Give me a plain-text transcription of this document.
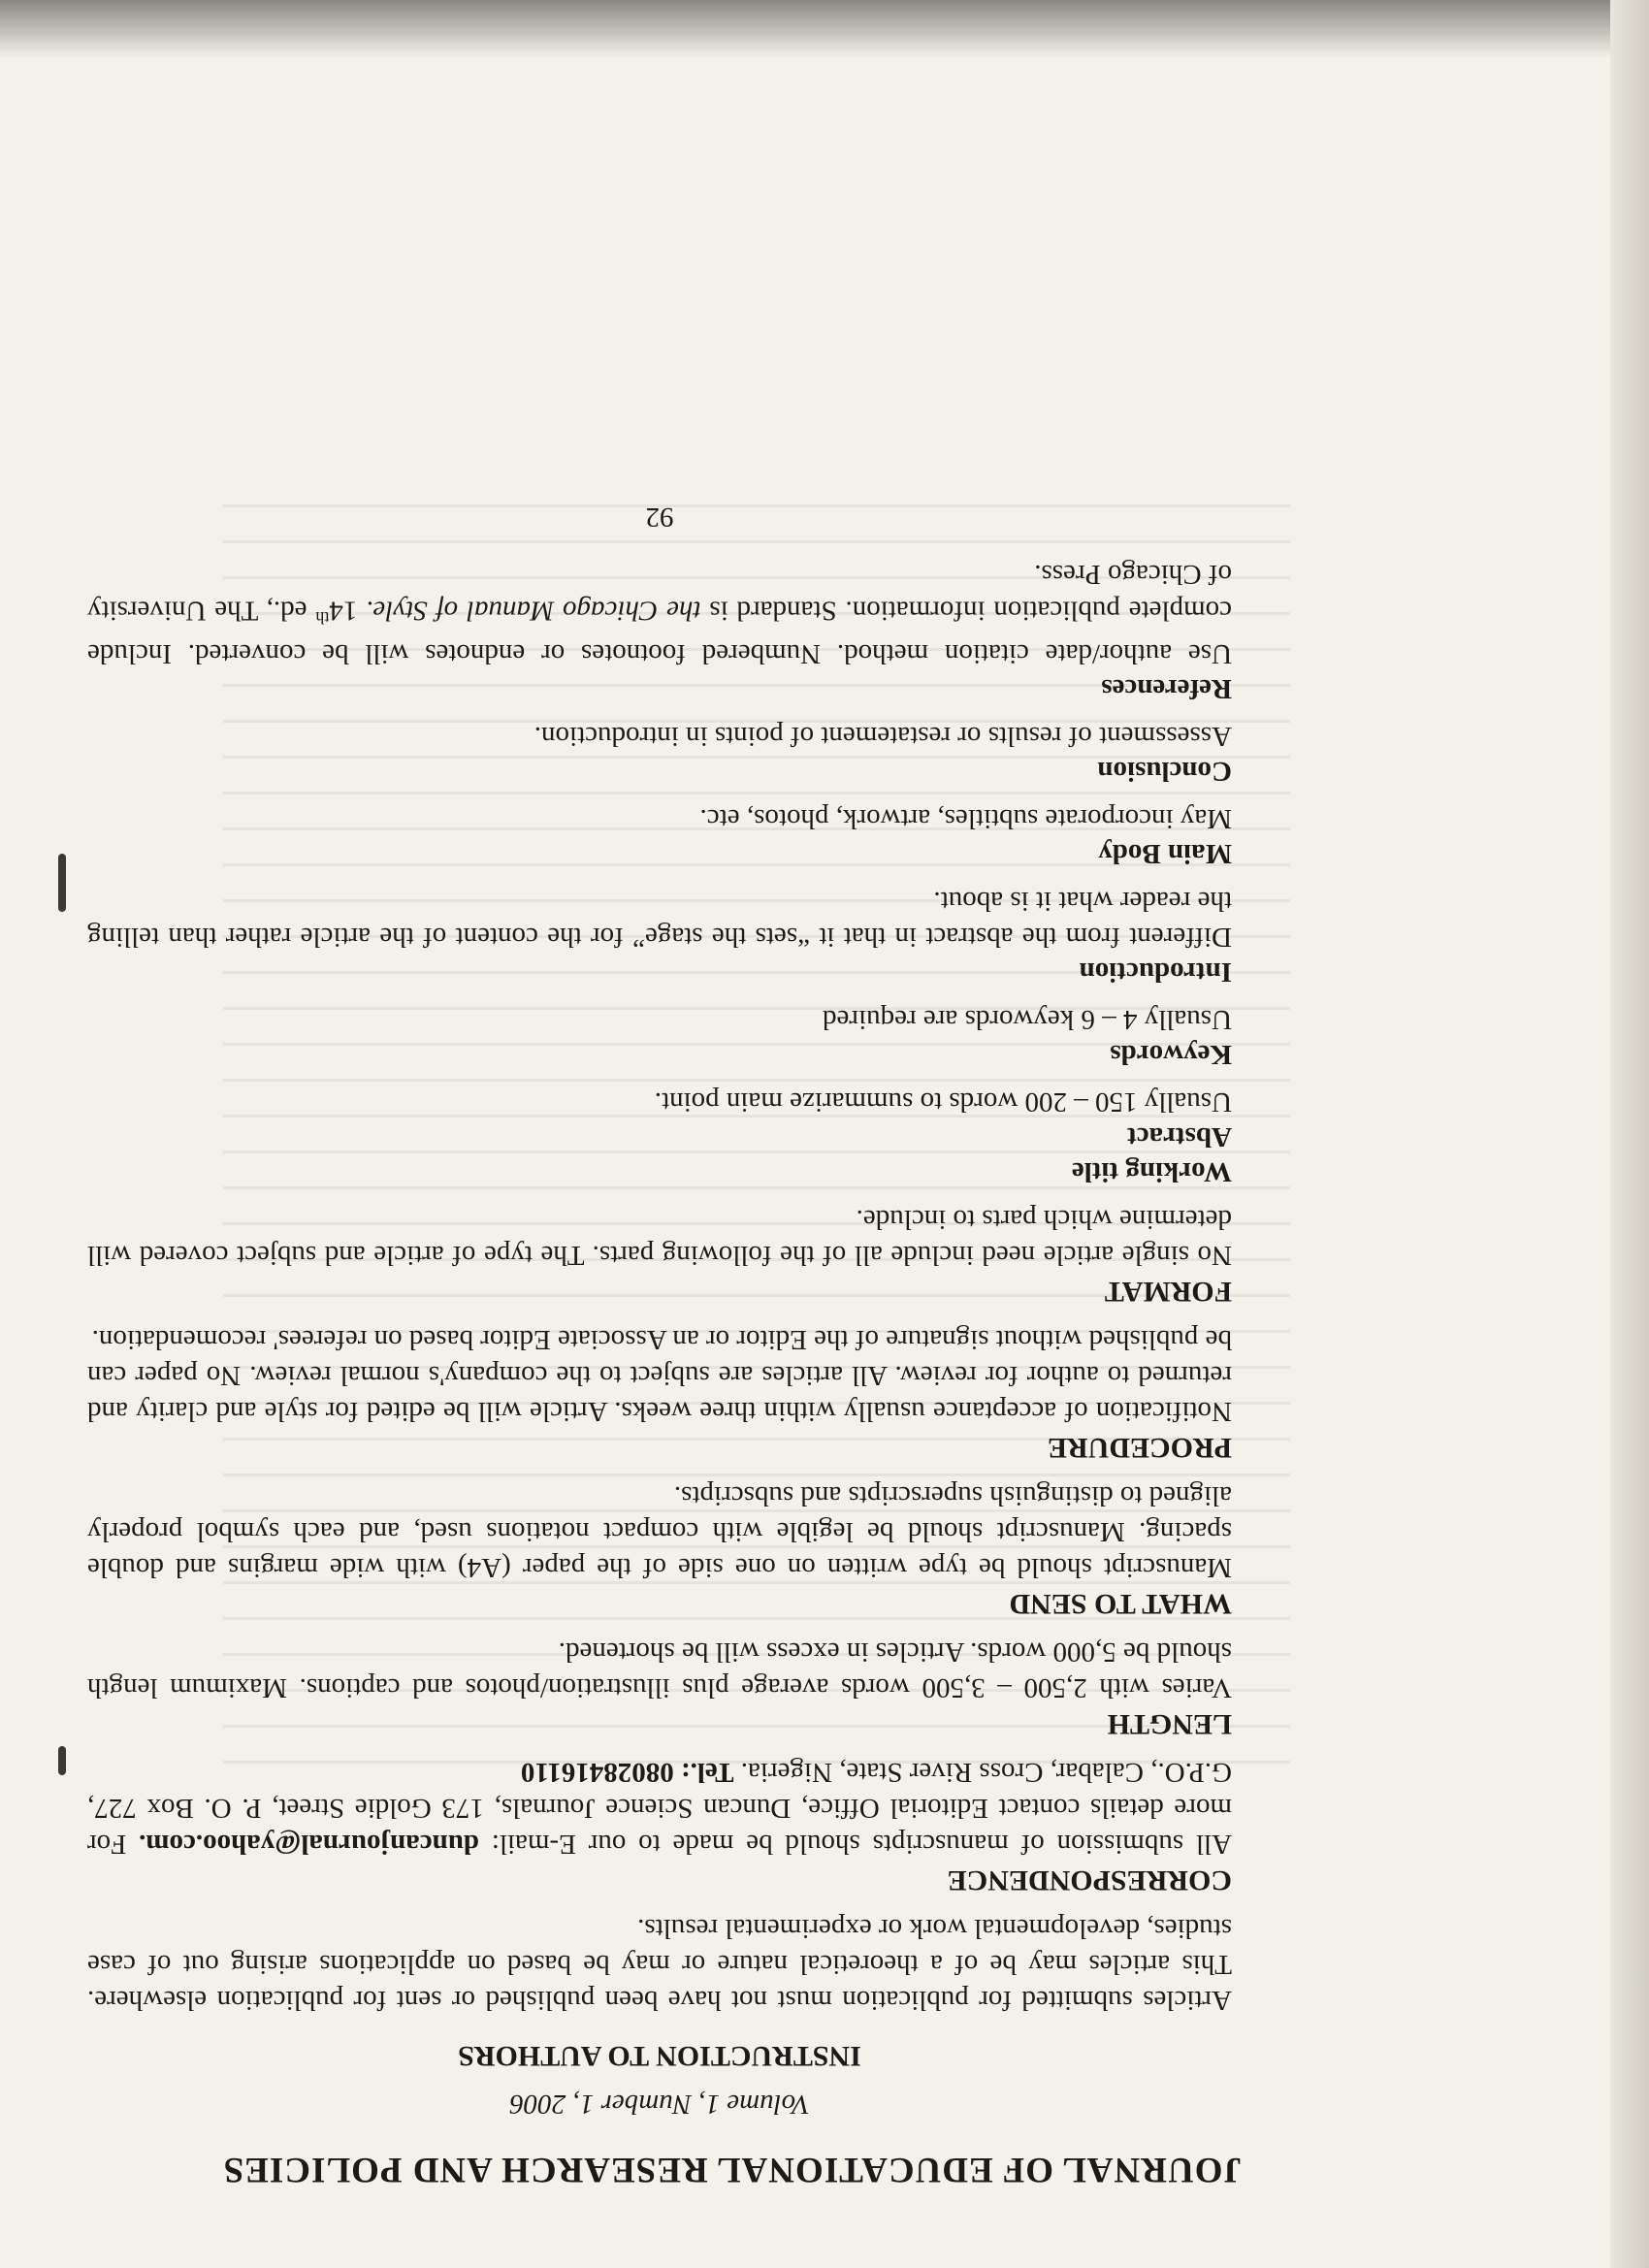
JOURNAL OF EDUCATIONAL RESEARCH AND POLICIES
Volume 1, Number 1, 2006
INSTRUCTION TO AUTHORS

Articles submitted for publication must not have been published or sent for publication elsewhere. This articles may be of a theoretical nature or may be based on applications arising out of case studies, developmental work or experimental results.

CORRESPONDENCE

All submission of manuscripts should be made to our E-mail: duncanjournal@yahoo.com. For more details contact Editorial Office, Duncan Science Journals, 173 Goldie Street, P. O. Box 727, G.P.O., Calabar, Cross River State, Nigeria. Tel.: 08028416110

LENGTH

Varies with 2,500 – 3,500 words average plus illustration/photos and captions. Maximum length should be 5,000 words. Articles in excess will be shortened.

WHAT TO SEND

Manuscript should be type written on one side of the paper (A4) with wide margins and double spacing. Manuscript should be legible with compact notations used, and each symbol properly aligned to distinguish superscripts and subscripts.

PROCEDURE

Notification of acceptance usually within three weeks. Article will be edited for style and clarity and returned to author for review. All articles are subject to the company's normal review. No paper can be published without signature of the Editor or an Associate Editor based on referees' recomendation.

FORMAT

No single article need include all of the following parts. The type of article and subject covered will determine which parts to include.

Working title
Abstract

Usually 150 – 200 words to summarize main point.

Keywords

Usually 4 – 6 keywords are required

Introduction

Different from the abstract in that it “sets the stage” for the content of the article rather than telling the reader what it is about.

Main Body

May incorporate subtitles, artwork, photos, etc.

Conclusion

Assessment of results or restatement of points in introduction.

References

Use author/date citation method. Numbered footnotes or endnotes will be converted. Include complete publication information. Standard is the Chicago Manual of Style. 14th ed., The University of Chicago Press.

92
